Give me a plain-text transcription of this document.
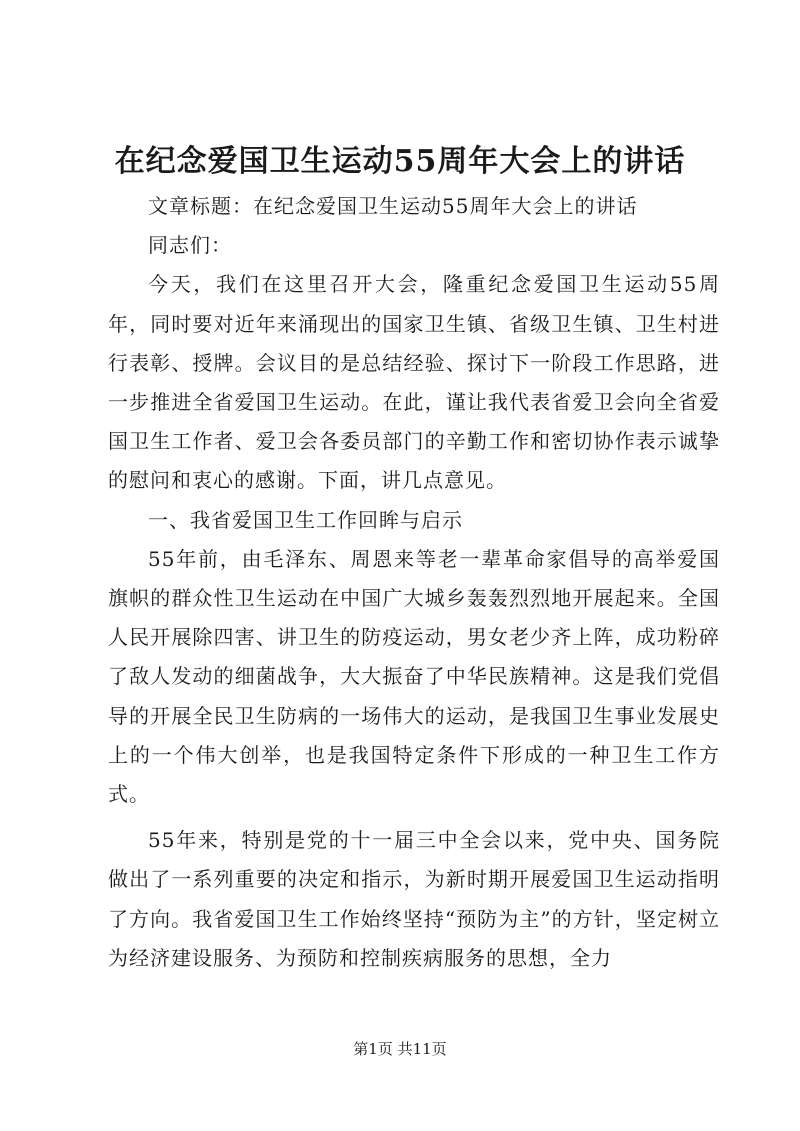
在纪念爱国卫生运动55周年大会上的讲话

文章标题：在纪念爱国卫生运动55周年大会上的讲话

同志们：

今天，我们在这里召开大会，隆重纪念爱国卫生运动55周年，同时要对近年来涌现出的国家卫生镇、省级卫生镇、卫生村进行表彰、授牌。会议目的是总结经验、探讨下一阶段工作思路，进一步推进全省爱国卫生运动。在此，谨让我代表省爱卫会向全省爱国卫生工作者、爱卫会各委员部门的辛勤工作和密切协作表示诚挚的慰问和衷心的感谢。下面，讲几点意见。

一、我省爱国卫生工作回眸与启示

55年前，由毛泽东、周恩来等老一辈革命家倡导的高举爱国旗帜的群众性卫生运动在中国广大城乡轰轰烈烈地开展起来。全国人民开展除四害、讲卫生的防疫运动，男女老少齐上阵，成功粉碎了敌人发动的细菌战争，大大振奋了中华民族精神。这是我们党倡导的开展全民卫生防病的一场伟大的运动，是我国卫生事业发展史上的一个伟大创举，也是我国特定条件下形成的一种卫生工作方式。

55年来，特别是党的十一届三中全会以来，党中央、国务院做出了一系列重要的决定和指示，为新时期开展爱国卫生运动指明了方向。我省爱国卫生工作始终坚持“预防为主”的方针，坚定树立为经济建设服务、为预防和控制疾病服务的思想，全力

第1页 共11页
